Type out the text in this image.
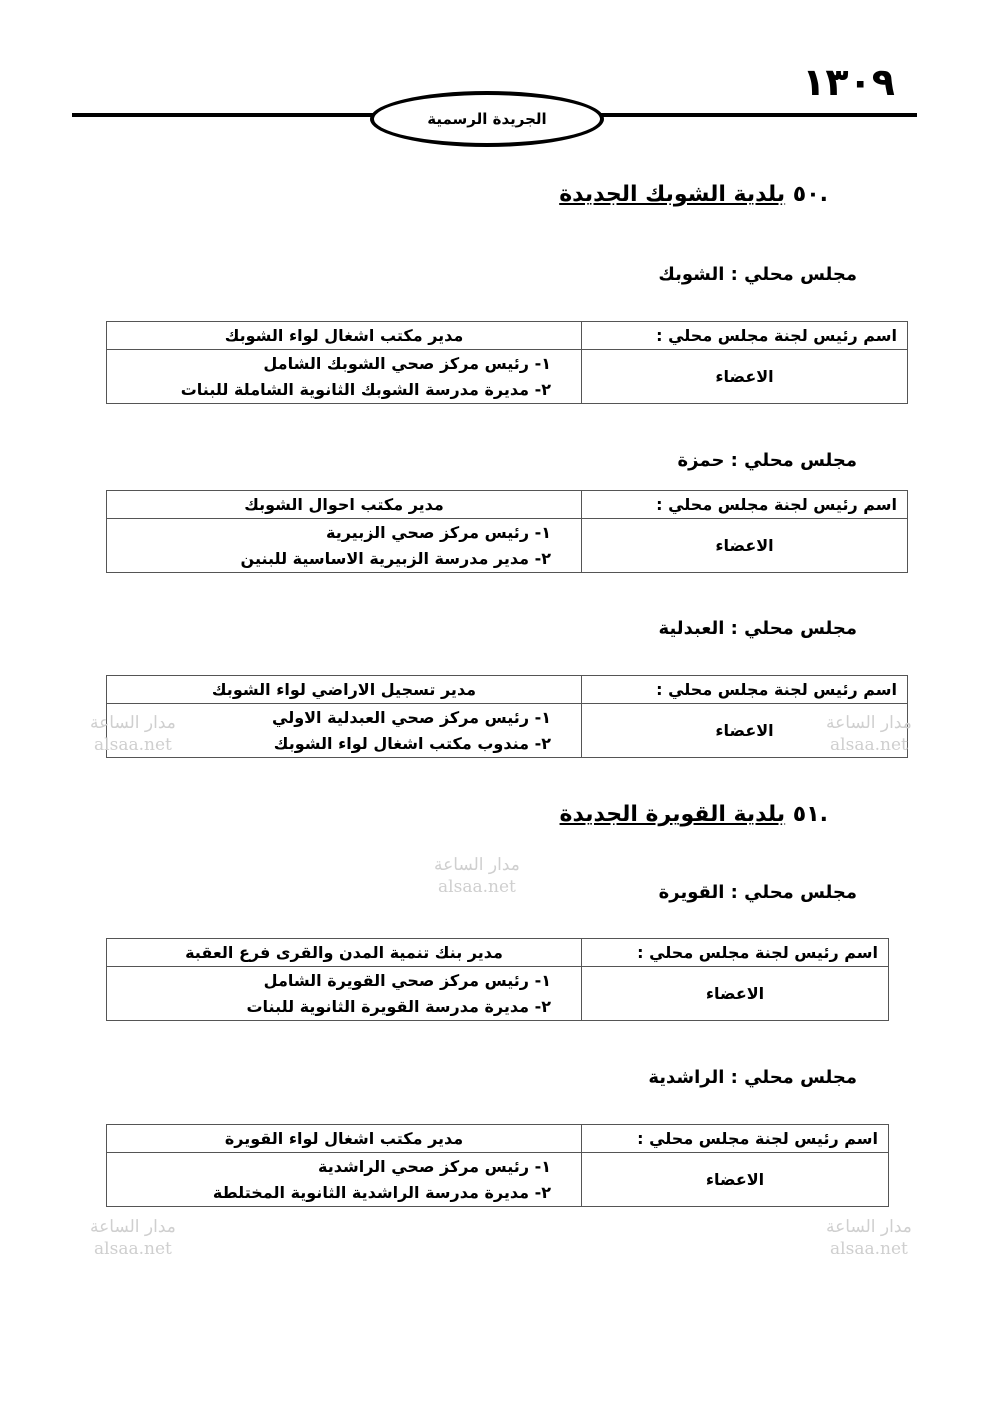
١٣٠٩
الجريدة الرسمية
.٥٠ بلدية الشوبك الجديدة
مجلس محلي : الشوبك
اسم رئيس لجنة مجلس محلي :	مدير مكتب اشغال لواء الشوبك
الاعضاء	١- رئيس مركز صحي الشوبك الشامل
٢- مديرة مدرسة الشوبك الثانوية الشاملة للبنات
مجلس محلي : حمزة
اسم رئيس لجنة مجلس محلي :	مدير مكتب احوال الشوبك
الاعضاء	١- رئيس مركز صحي الزبيرية
٢- مدير مدرسة الزبيرية الاساسية للبنين
مجلس محلي : العبدلية
اسم رئيس لجنة مجلس محلي :	مدير تسجيل الاراضي لواء الشوبك
الاعضاء	١- رئيس مركز صحي العبدلية الاولي
٢- مندوب مكتب اشغال لواء الشوبك
.٥١ بلدية القويرة الجديدة
مجلس محلي : القويرة
اسم رئيس لجنة مجلس محلي :	مدير بنك تنمية المدن والقرى فرع العقبة
الاعضاء	١- رئيس مركز صحي القويرة الشامل
٢- مديرة مدرسة القويرة الثانوية للبنات
مجلس محلي : الراشدية
اسم رئيس لجنة مجلس محلي :	مدير مكتب اشغال لواء القويرة
الاعضاء	١- رئيس مركز صحي الراشدية
٢- مديرة مدرسة الراشدية الثانوية المختلطة
مدار الساعة
alsaa.net
مدار الساعة
alsaa.net
مدار الساعة
alsaa.net
مدار الساعة
alsaa.net
مدار الساعة
alsaa.net
